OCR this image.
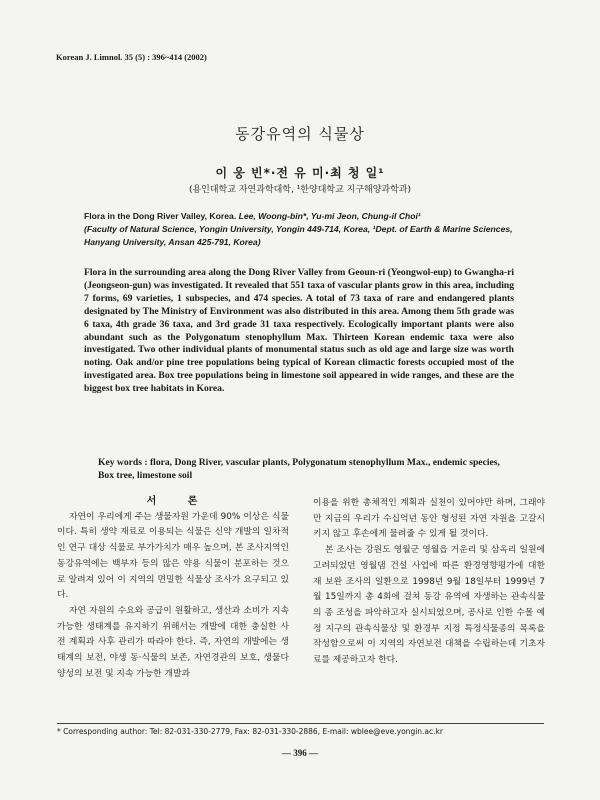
Korean J. Limnol. 35 (5) : 396~414 (2002)
동강유역의 식물상
이 웅 빈*·전 유 미·최 청 일¹
(용인대학교 자연과학대학, ¹한양대학교 지구해양과학과)
Flora in the Dong River Valley, Korea. Lee, Woong-bin*, Yu-mi Jeon, Chung-il Choi¹
(Faculty of Natural Science, Yongin University, Yongin 449-714, Korea, ¹Dept. of Earth & Marine Sciences, Hanyang University, Ansan 425-791, Korea)

Flora in the surrounding area along the Dong River Valley from Geoun-ri (Yeongwol-eup) to Gwangha-ri (Jeongseon-gun) was investigated. It revealed that 551 taxa of vascular plants grow in this area, including 7 forms, 69 varieties, 1 subspecies, and 474 species. A total of 73 taxa of rare and endangered plants designated by The Ministry of Environment was also distributed in this area. Among them 5th grade was 6 taxa, 4th grade 36 taxa, and 3rd grade 31 taxa respectively. Ecologically important plants were also abundant such as the Polygonatum stenophyllum Max. Thirteen Korean endemic taxa were also investigated. Two other individual plants of monumental status such as old age and large size was worth noting. Oak and/or pine tree populations being typical of Korean climactic forests occupied most of the investigated area. Box tree populations being in limestone soil appeared in wide ranges, and these are the biggest box tree habitats in Korea.

Key words : flora, Dong River, vascular plants, Polygonatum stenophyllum Max., endemic species, Box tree, limestone soil

서 론

자연이 우리에게 주는 생물자원 가운데 90% 이상은 식물이다. 특히 생약 재료로 이용되는 식물은 신약 개발의 일차적인 연구 대상 식물로 부가가치가 매우 높으며, 본 조사지역인 동강유역에는 백부자 등의 많은 약용 식물이 분포하는 것으로 알려져 있어 이 지역의 면밀한 식물상 조사가 요구되고 있다.

자연 자원의 수요와 공급이 원활하고, 생산과 소비가 지속 가능한 생태계를 유지하기 위해서는 개발에 대한 충실한 사전 계획과 사후 관리가 따라야 한다. 즉, 자연의 개발에는 생태계의 보전, 야생 동·식물의 보존, 자연경관의 보호, 생물다양성의 보전 및 지속 가능한 개발과

이용을 위한 총체적인 계획과 실천이 있어야만 하며, 그래야만 지금의 우리가 수십억년 동안 형성된 자연 자원을 고갈시키지 않고 후손에게 물려줄 수 있게 될 것이다.

본 조사는 강원도 영월군 영월읍 거운리 및 삼옥리 일원에 고려되었던 영월댐 건설 사업에 따른 환경영향평가에 대한 재 보완 조사의 일환으로 1998년 9월 18일부터 1999년 7월 15일까지 총 4회에 걸쳐 동강 유역에 자생하는 관속식물의 종 조성을 파악하고자 실시되었으며, 공사로 인한 수몰 예정 지구의 관속식물상 및 환경부 지정 특정식물종의 목록을 작성함으로써 이 지역의 자연보전 대책을 수립하는데 기초자료를 제공하고자 한다.

* Corresponding author: Tel: 82-031-330-2779, Fax: 82-031-330-2886, E-mail: wblee@eve.yongin.ac.kr
— 396 —
